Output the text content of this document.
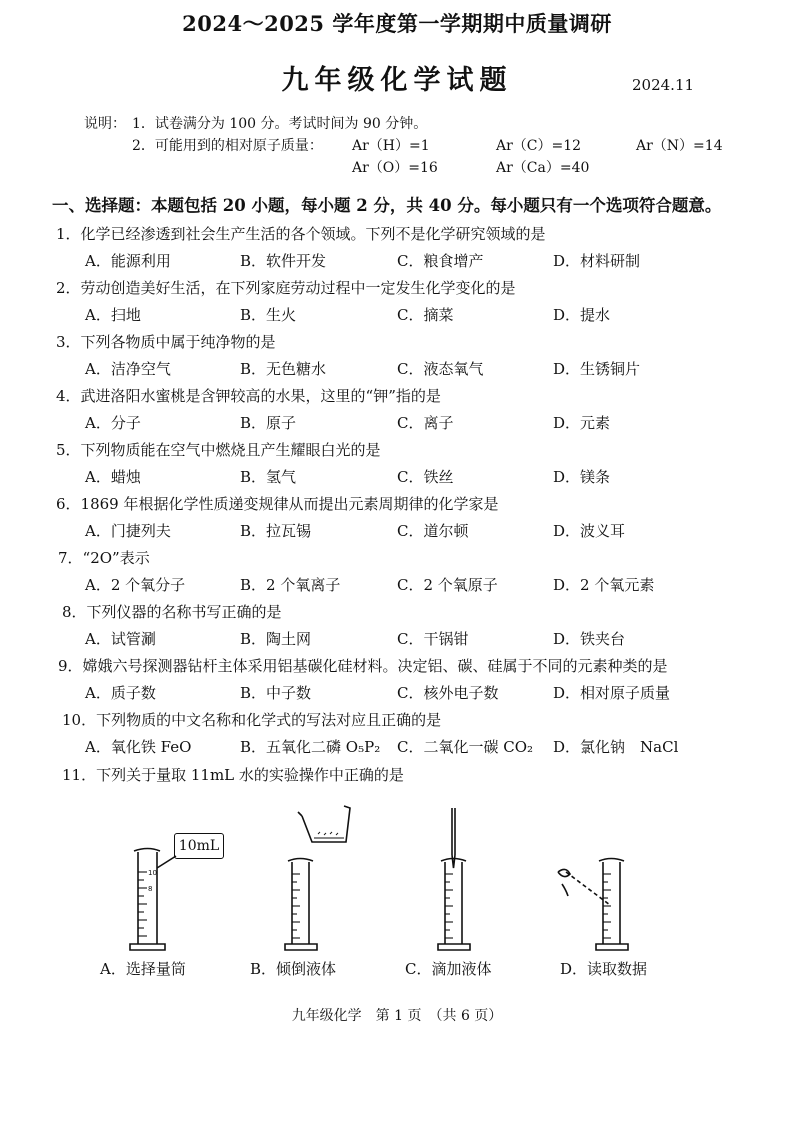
2024～2025 学年度第一学期期中质量调研
九年级化学试题	2024.11
说明： 1．试卷满分为 100 分。考试时间为 90 分钟。
2．可能用到的相对原子质量： Ar（H）=1	Ar（C）=12	Ar（N）=14
Ar（O）=16	Ar（Ca）=40
一、选择题：本题包括 20 小题，每小题 2 分，共 40 分。每小题只有一个选项符合题意。
1．化学已经渗透到社会生产生活的各个领域。下列不是化学研究领域的是
A．能源利用	B．软件开发	C．粮食增产	D．材料研制
2．劳动创造美好生活，在下列家庭劳动过程中一定发生化学变化的是
A．扫地	B．生火	C．摘菜	D．提水
3．下列各物质中属于纯净物的是
A．洁净空气	B．无色糖水	C．液态氧气	D．生锈铜片
4．武进洛阳水蜜桃是含钾较高的水果，这里的“钾”指的是
A．分子	B．原子	C．离子	D．元素
5．下列物质能在空气中燃烧且产生耀眼白光的是
A．蜡烛	B．氢气	C．铁丝	D．镁条
6．1869 年根据化学性质递变规律从而提出元素周期律的化学家是
A．门捷列夫	B．拉瓦锡	C．道尔顿	D．波义耳
7．“2O”表示
A．2 个氧分子	B．2 个氧离子	C．2 个氧原子	D．2 个氧元素
8．下列仪器的名称书写正确的是
A．试管涮	B．陶土网	C．干锅钳	D．铁夹台
9．嫦娥六号探测器钻杆主体采用铝基碳化硅材料。决定铝、碳、硅属于不同的元素种类的是
A．质子数	B．中子数	C．核外电子数	D．相对原子质量
10．下列物质的中文名称和化学式的写法对应且正确的是
A．氧化铁 FeO	B．五氧化二磷 O₅P₂ C．二氧化一碳 CO₂ D．氯化钠　NaCl
11．下列关于量取 11mL 水的实验操作中正确的是
10mL
10
8
A．选择量筒	B．倾倒液体	C．滴加液体	D．读取数据
九年级化学　第 1 页　（共 6 页）
